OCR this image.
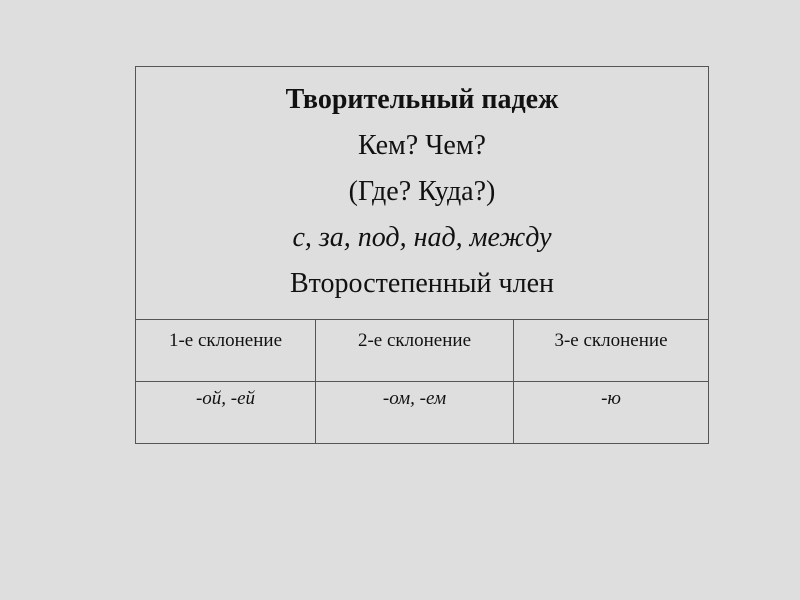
Творительный падеж
Кем? Чем?
(Где? Куда?)
с, за, под, над, между
Второстепенный член
1-е склонение	2-е склонение	3-е склонение
-ой, -ей	-ом, -ем	-ю
